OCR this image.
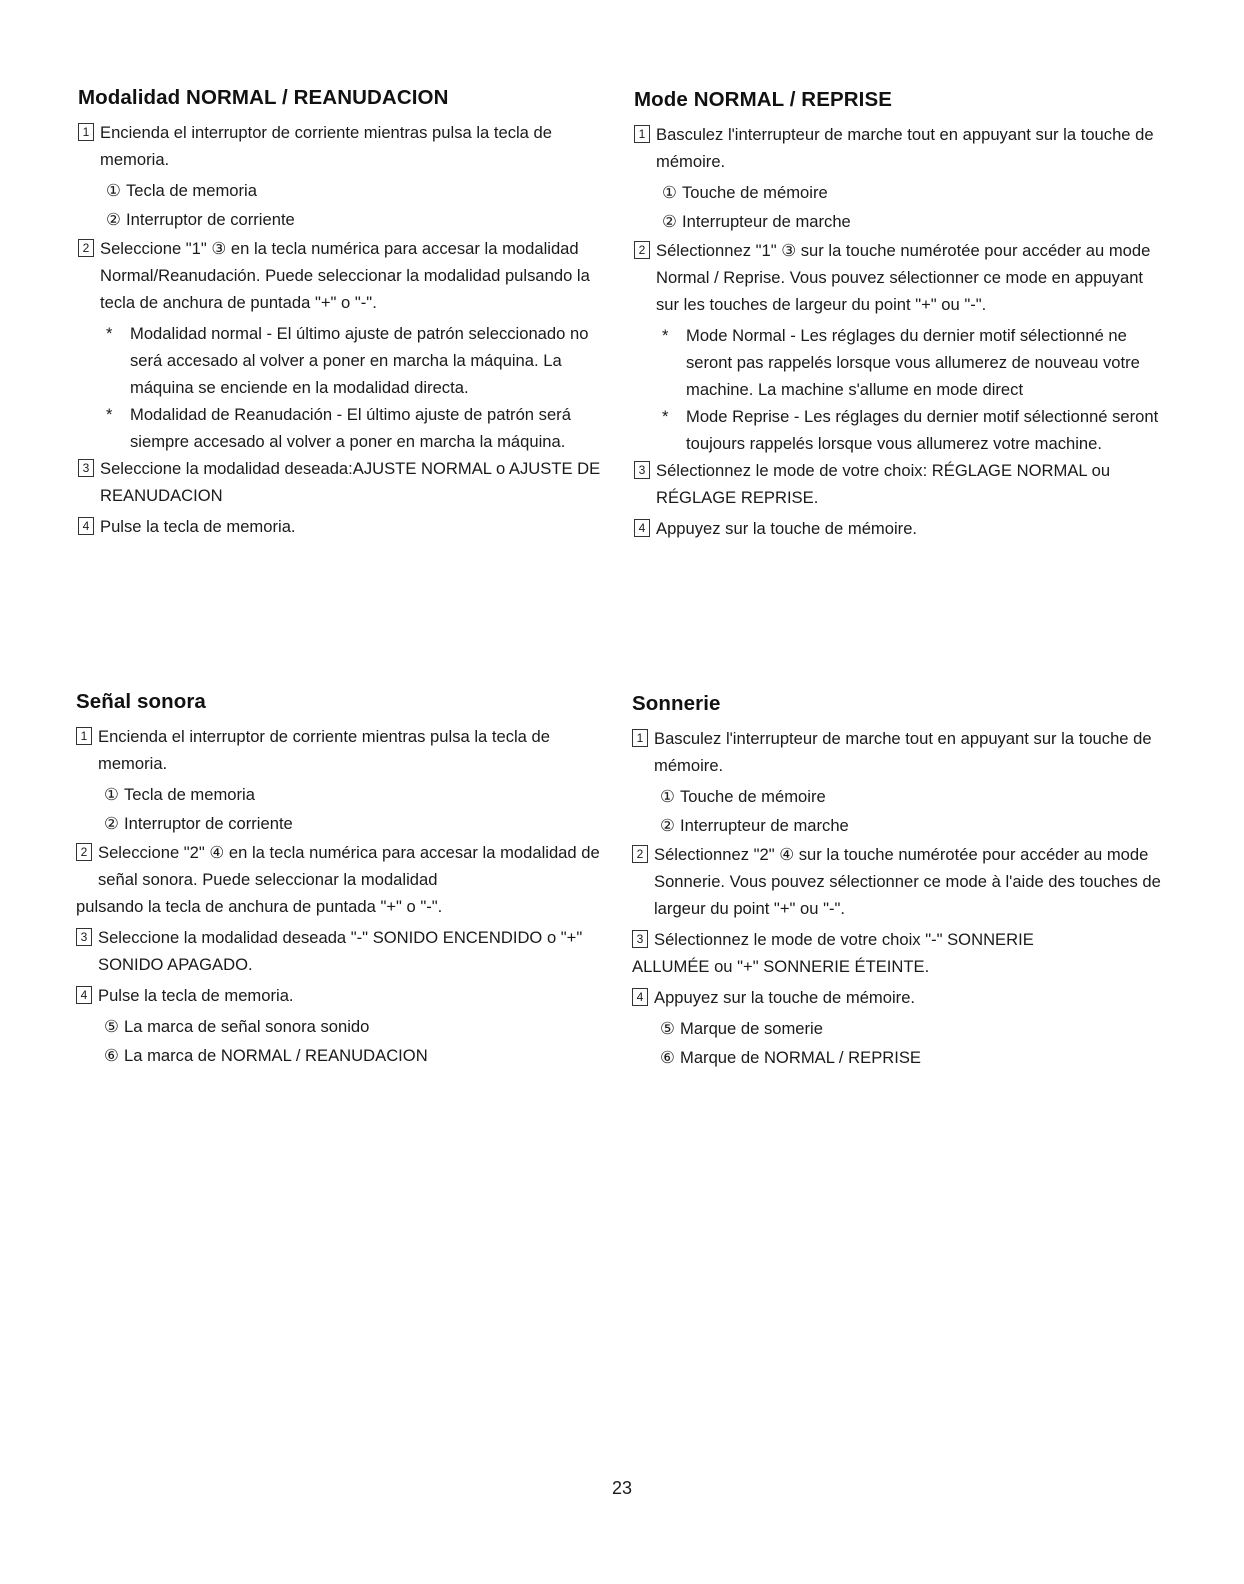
Modalidad NORMAL / REANUDACION
1 Encienda el interruptor de corriente mientras pulsa la tecla de memoria.
① Tecla de memoria
② Interruptor de corriente
2 Seleccione "1" ③ en la tecla numérica para accesar la modalidad Normal/Reanudación. Puede seleccionar la modalidad pulsando la tecla de anchura de puntada "+" o "-".
*	Modalidad normal - El último ajuste de patrón seleccionado no será accesado al volver a poner en marcha la máquina. La máquina se enciende en la modalidad directa.
*	Modalidad de Reanudación - El último ajuste de patrón será siempre accesado al volver a poner en marcha la máquina.
3 Seleccione la modalidad deseada:AJUSTE NORMAL o AJUSTE DE REANUDACION
4 Pulse la tecla de memoria.
Mode NORMAL / REPRISE
1 Basculez l'interrupteur de marche tout en appuyant sur la touche de mémoire.
① Touche de mémoire
② Interrupteur de marche
2 Sélectionnez "1" ③ sur la touche numérotée pour accéder au mode Normal / Reprise. Vous pouvez sélectionner ce mode en appuyant sur les touches de largeur du point "+" ou "-".
*	Mode Normal - Les réglages du dernier motif sélectionné ne seront pas rappelés lorsque vous allumerez de nouveau votre machine. La machine s'allume en mode direct
*	Mode Reprise - Les réglages du dernier motif sélectionné seront toujours rappelés lorsque vous allumerez votre machine.
3 Sélectionnez le mode de votre choix: RÉGLAGE NORMAL ou RÉGLAGE REPRISE.
4 Appuyez sur la touche de mémoire.
Señal sonora
1 Encienda el interruptor de corriente mientras pulsa la tecla de memoria.
① Tecla de memoria
② Interruptor de corriente
2 Seleccione "2" ④ en la tecla numérica para accesar la modalidad de señal sonora. Puede seleccionar la modalidad
pulsando la tecla de anchura de puntada "+" o "-".
3 Seleccione la modalidad deseada "-" SONIDO ENCENDIDO o "+" SONIDO APAGADO.
4 Pulse la tecla de memoria.
⑤ La marca de señal sonora sonido
⑥ La marca de NORMAL / REANUDACION
Sonnerie
1 Basculez l'interrupteur de marche tout en appuyant sur la touche de mémoire.
① Touche de mémoire
② Interrupteur de marche
2 Sélectionnez "2" ④ sur la touche numérotée pour accéder au mode Sonnerie. Vous pouvez sélectionner ce mode à l'aide des touches de largeur du point "+" ou "-".
3 Sélectionnez le mode de votre choix "-" SONNERIE
ALLUMÉE ou "+" SONNERIE ÉTEINTE.
4 Appuyez sur la touche de mémoire.
⑤ Marque de somerie
⑥ Marque de NORMAL / REPRISE
23
